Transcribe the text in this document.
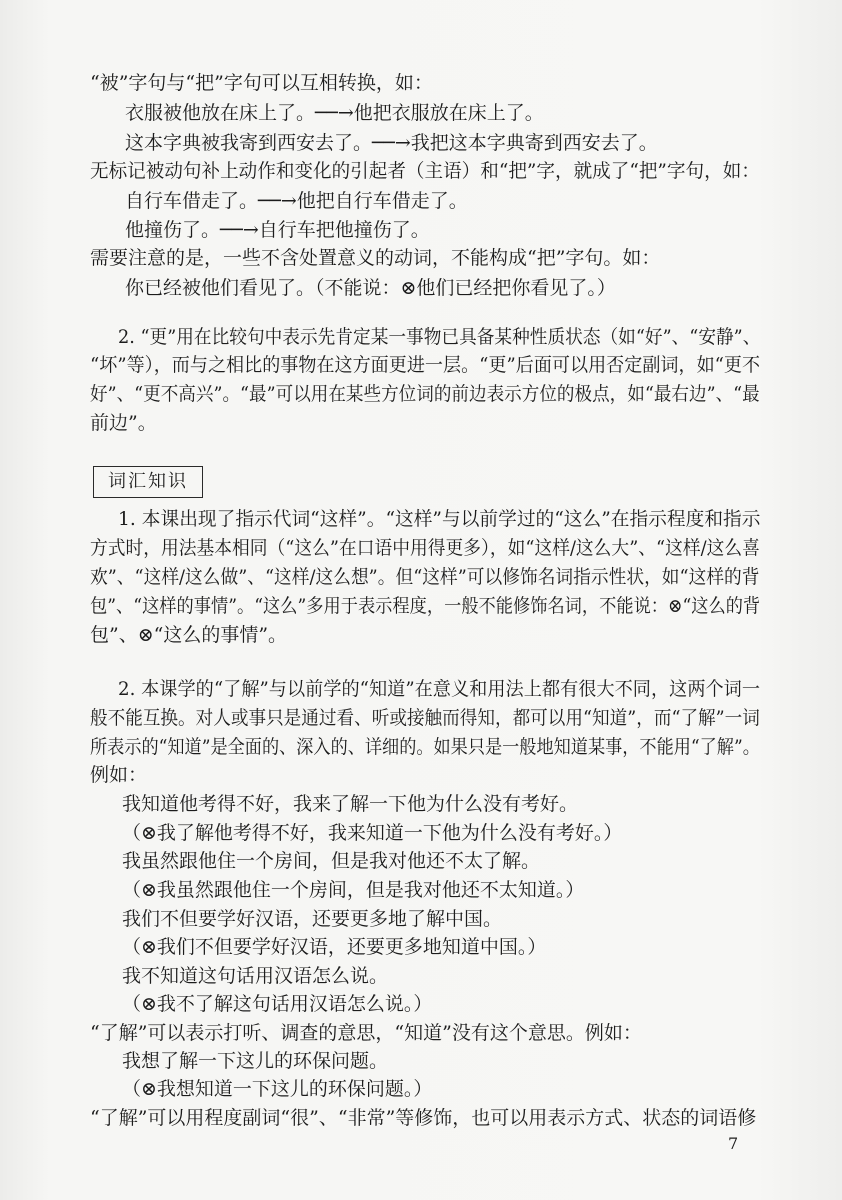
“被”字句与“把”字句可以互相转换，如：
衣服被他放在床上了。──→他把衣服放在床上了。
这本字典被我寄到西安去了。──→我把这本字典寄到西安去了。
无标记被动句补上动作和变化的引起者（主语）和“把”字，就成了“把”字句，如：
自行车借走了。──→他把自行车借走了。
他撞伤了。──→自行车把他撞伤了。
需要注意的是，一些不含处置意义的动词，不能构成“把”字句。如：
你已经被他们看见了。（不能说：⊗他们已经把你看见了。）
2. “更”用在比较句中表示先肯定某一事物已具备某种性质状态（如“好”、“安静”、
“坏”等），而与之相比的事物在这方面更进一层。“更”后面可以用否定副词，如“更不
好”、“更不高兴”。“最”可以用在某些方位词的前边表示方位的极点，如“最右边”、“最
前边”。
词汇知识
1. 本课出现了指示代词“这样”。“这样”与以前学过的“这么”在指示程度和指示
方式时，用法基本相同（“这么”在口语中用得更多），如“这样/这么大”、“这样/这么喜
欢”、“这样/这么做”、“这样/这么想”。但“这样”可以修饰名词指示性状，如“这样的背
包”、“这样的事情”。“这么”多用于表示程度，一般不能修饰名词，不能说：⊗“这么的背
包”、⊗“这么的事情”。
2. 本课学的“了解”与以前学的“知道”在意义和用法上都有很大不同，这两个词一
般不能互换。对人或事只是通过看、听或接触而得知，都可以用“知道”，而“了解”一词
所表示的“知道”是全面的、深入的、详细的。如果只是一般地知道某事，不能用“了解”。
例如：
我知道他考得不好，我来了解一下他为什么没有考好。
（⊗我了解他考得不好，我来知道一下他为什么没有考好。）
我虽然跟他住一个房间，但是我对他还不太了解。
（⊗我虽然跟他住一个房间，但是我对他还不太知道。）
我们不但要学好汉语，还要更多地了解中国。
（⊗我们不但要学好汉语，还要更多地知道中国。）
我不知道这句话用汉语怎么说。
（⊗我不了解这句话用汉语怎么说。）
“了解”可以表示打听、调查的意思，“知道”没有这个意思。例如：
我想了解一下这儿的环保问题。
（⊗我想知道一下这儿的环保问题。）
“了解”可以用程度副词“很”、“非常”等修饰，也可以用表示方式、状态的词语修
7
